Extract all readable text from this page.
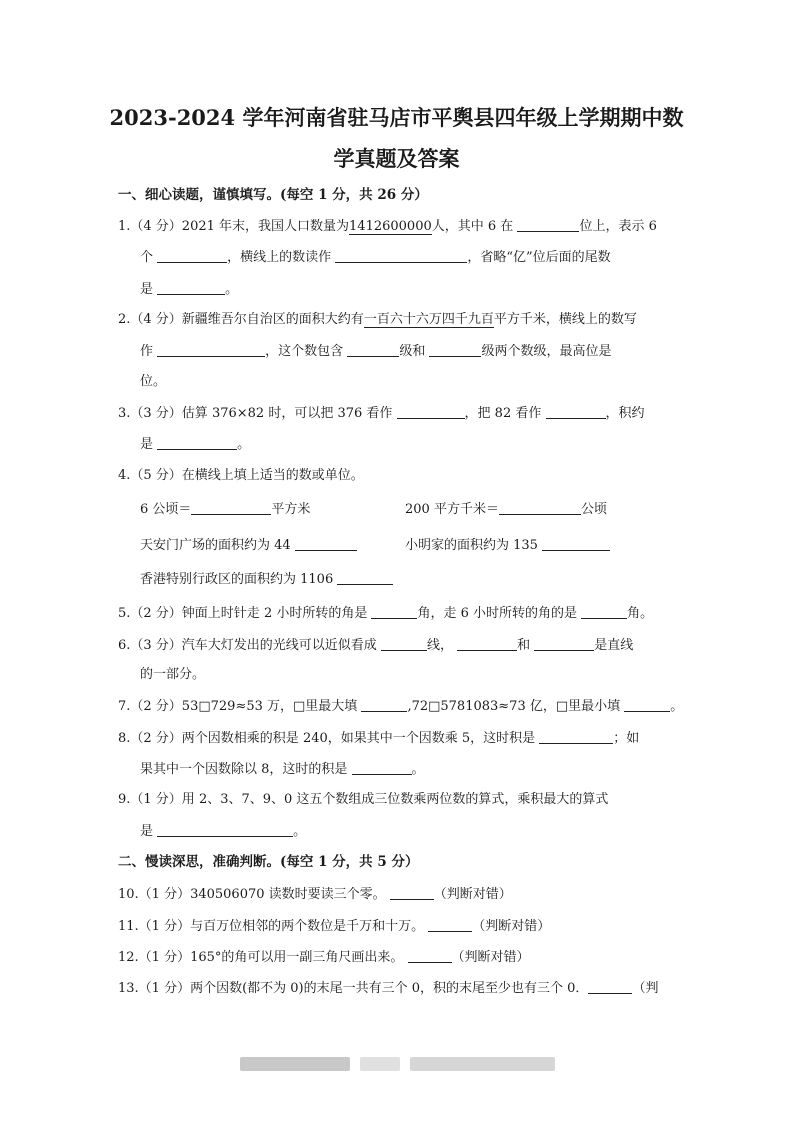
2023-2024 学年河南省驻马店市平舆县四年级上学期期中数
学真题及答案
一、细心读题，谨慎填写。(每空 1 分，共 26 分）
1.（4 分）2021 年末，我国人口数量为1412600000人，其中 6 在	位上，表示 6
个	，横线上的数读作	，省略“亿”位后面的尾数
是	。
2.（4 分）新疆维吾尔自治区的面积大约有一百六十六万四千九百平方千米，横线上的数写
作	，这个数包含	级和	级两个数级，最高位是
位。
3.（3 分）估算 376×82 时，可以把 376 看作	，把 82 看作	，积约
是	。
4.（5 分）在横线上填上适当的数或单位。
6 公顷＝	平方米	200 平方千米＝	公顷
天安门广场的面积约为 44	小明家的面积约为 135
香港特别行政区的面积约为 1106
5.（2 分）钟面上时针走 2 小时所转的角是	角，走 6 小时所转的角的是	角。
6.（3 分）汽车大灯发出的光线可以近似看成	线，	和	是直线
的一部分。
7.（2 分）53□729≈53 万，□里最大填	,72□5781083≈73 亿，□里最小填	。
8.（2 分）两个因数相乘的积是 240，如果其中一个因数乘 5，这时积是	；如
果其中一个因数除以 8，这时的积是	。
9.（1 分）用 2、3、7、9、0 这五个数组成三位数乘两位数的算式，乘积最大的算式
是	。
二、慢读深思，准确判断。(每空 1 分，共 5 分）
10.（1 分）340506070 读数时要读三个零。	（判断对错）
11.（1 分）与百万位相邻的两个数位是千万和十万。	（判断对错）
12.（1 分）165°的角可以用一副三角尺画出来。	（判断对错）
13.（1 分）两个因数(都不为 0)的末尾一共有三个 0，积的末尾至少也有三个 0．	（判
